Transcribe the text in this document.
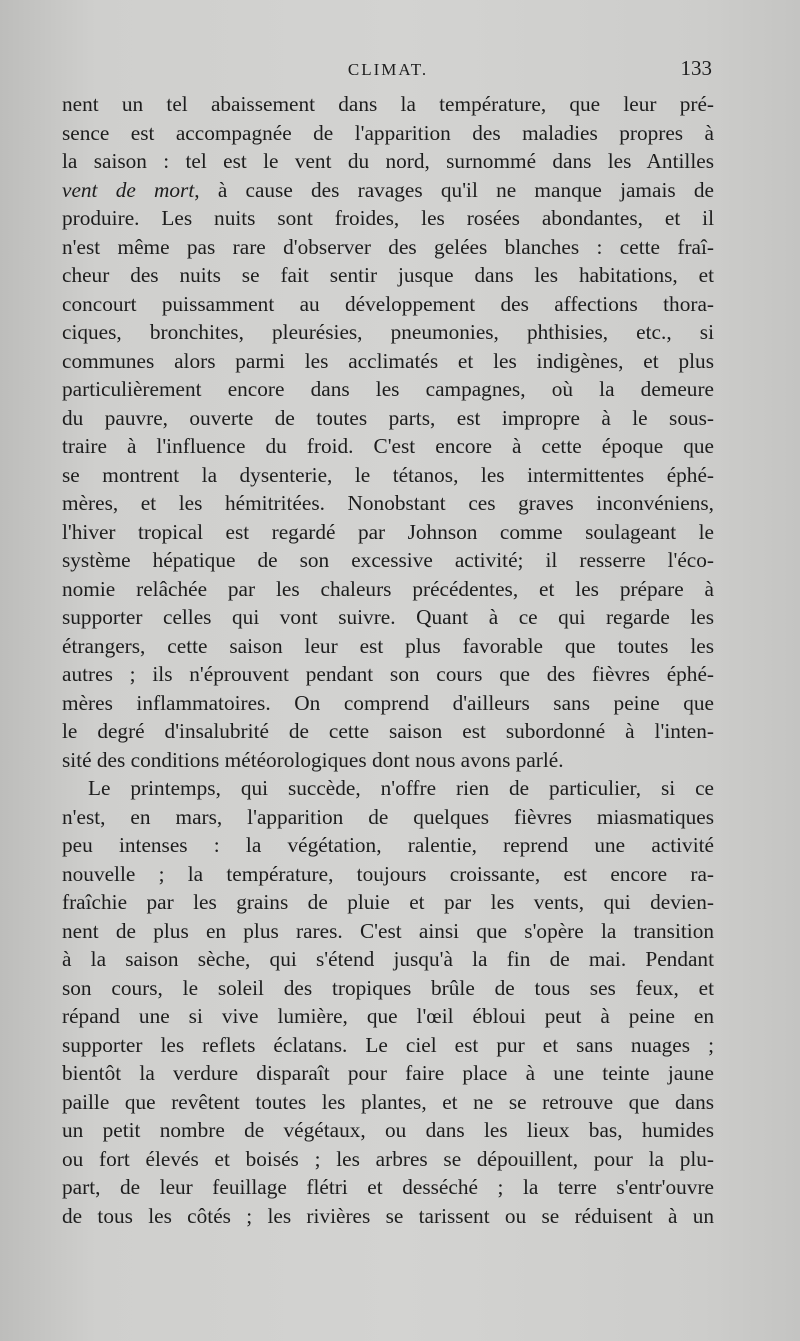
CLIMAT.	133
nent un tel abaissement dans la température, que leur pré-
sence est accompagnée de l'apparition des maladies propres à
la saison : tel est le vent du nord, surnommé dans les Antilles
vent de mort, à cause des ravages qu'il ne manque jamais de
produire. Les nuits sont froides, les rosées abondantes, et il
n'est même pas rare d'observer des gelées blanches : cette fraî-
cheur des nuits se fait sentir jusque dans les habitations, et
concourt puissamment au développement des affections thora-
ciques, bronchites, pleurésies, pneumonies, phthisies, etc., si
communes alors parmi les acclimatés et les indigènes, et plus
particulièrement encore dans les campagnes, où la demeure
du pauvre, ouverte de toutes parts, est impropre à le sous-
traire à l'influence du froid. C'est encore à cette époque que
se montrent la dysenterie, le tétanos, les intermittentes éphé-
mères, et les hémitritées. Nonobstant ces graves inconvéniens,
l'hiver tropical est regardé par Johnson comme soulageant le
système hépatique de son excessive activité; il resserre l'éco-
nomie relâchée par les chaleurs précédentes, et les prépare à
supporter celles qui vont suivre. Quant à ce qui regarde les
étrangers, cette saison leur est plus favorable que toutes les
autres ; ils n'éprouvent pendant son cours que des fièvres éphé-
mères inflammatoires. On comprend d'ailleurs sans peine que
le degré d'insalubrité de cette saison est subordonné à l'inten-
sité des conditions météorologiques dont nous avons parlé.
Le printemps, qui succède, n'offre rien de particulier, si ce
n'est, en mars, l'apparition de quelques fièvres miasmatiques
peu intenses : la végétation, ralentie, reprend une activité
nouvelle ; la température, toujours croissante, est encore ra-
fraîchie par les grains de pluie et par les vents, qui devien-
nent de plus en plus rares. C'est ainsi que s'opère la transition
à la saison sèche, qui s'étend jusqu'à la fin de mai. Pendant
son cours, le soleil des tropiques brûle de tous ses feux, et
répand une si vive lumière, que l'œil ébloui peut à peine en
supporter les reflets éclatans. Le ciel est pur et sans nuages ;
bientôt la verdure disparaît pour faire place à une teinte jaune
paille que revêtent toutes les plantes, et ne se retrouve que dans
un petit nombre de végétaux, ou dans les lieux bas, humides
ou fort élevés et boisés ; les arbres se dépouillent, pour la plu-
part, de leur feuillage flétri et desséché ; la terre s'entr'ouvre
de tous les côtés ; les rivières se tarissent ou se réduisent à un
